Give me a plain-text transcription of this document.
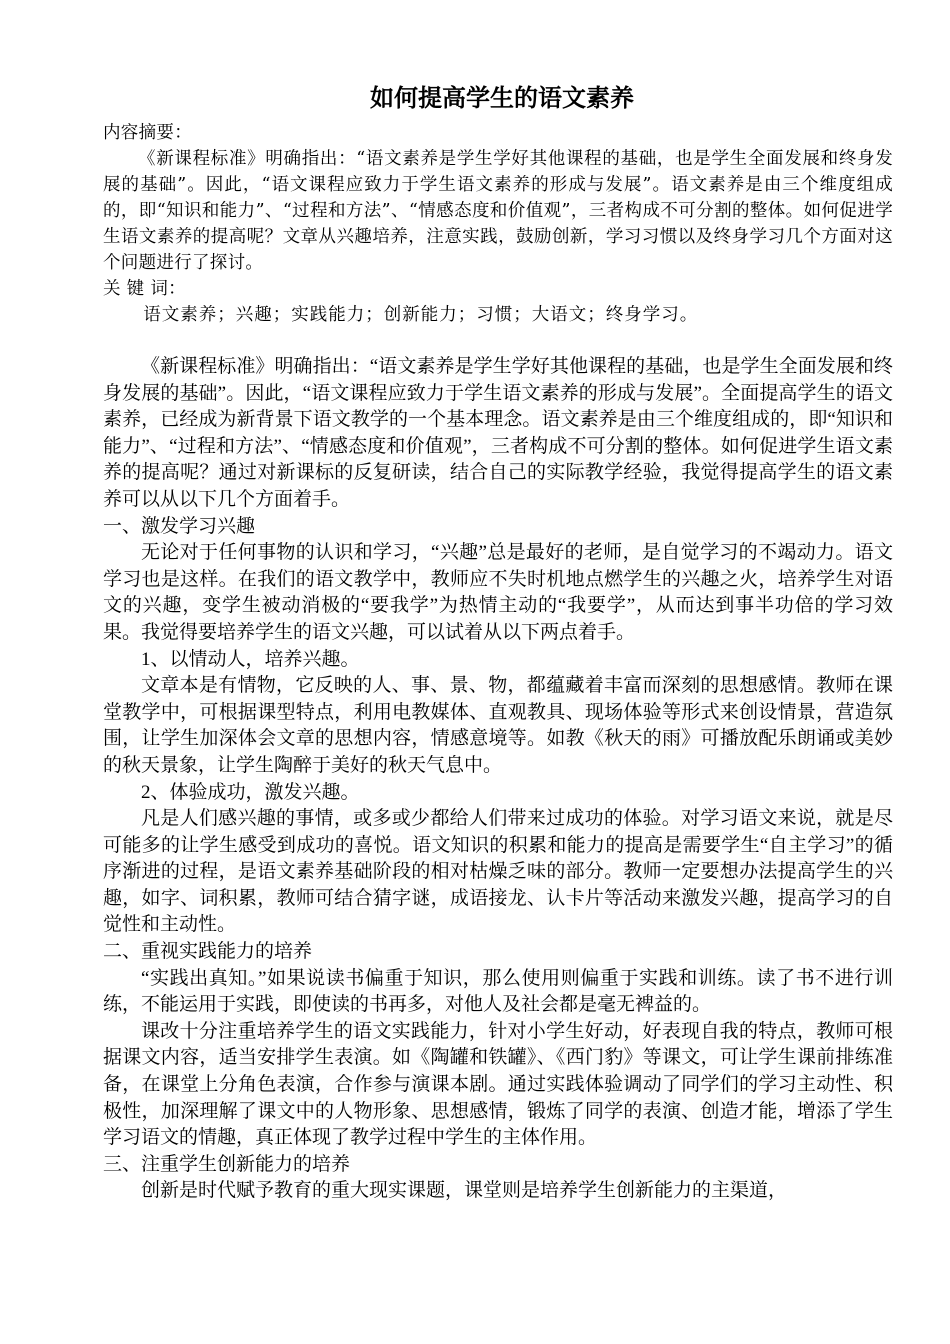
如何提高学生的语文素养
内容摘要：

《新课程标准》明确指出：“语文素养是学生学好其他课程的基础，也是学生全面发展和终身发展的基础”。因此，“语文课程应致力于学生语文素养的形成与发展”。语文素养是由三个维度组成的，即“知识和能力”、“过程和方法”、“情感态度和价值观”，三者构成不可分割的整体。如何促进学生语文素养的提高呢？文章从兴趣培养，注意实践，鼓励创新，学习习惯以及终身学习几个方面对这个问题进行了探讨。

关 键 词：

语文素养；兴趣；实践能力；创新能力；习惯；大语文；终身学习。

《新课程标准》明确指出：“语文素养是学生学好其他课程的基础，也是学生全面发展和终身发展的基础”。因此，“语文课程应致力于学生语文素养的形成与发展”。全面提高学生的语文素养，已经成为新背景下语文教学的一个基本理念。语文素养是由三个维度组成的，即“知识和能力”、“过程和方法”、“情感态度和价值观”，三者构成不可分割的整体。如何促进学生语文素养的提高呢？通过对新课标的反复研读，结合自己的实际教学经验，我觉得提高学生的语文素养可以从以下几个方面着手。

一、激发学习兴趣

无论对于任何事物的认识和学习，“兴趣”总是最好的老师，是自觉学习的不竭动力。语文学习也是这样。在我们的语文教学中，教师应不失时机地点燃学生的兴趣之火，培养学生对语文的兴趣，变学生被动消极的“要我学”为热情主动的“我要学”，从而达到事半功倍的学习效果。我觉得要培养学生的语文兴趣，可以试着从以下两点着手。

1、以情动人，培养兴趣。

文章本是有情物，它反映的人、事、景、物，都蕴藏着丰富而深刻的思想感情。教师在课堂教学中，可根据课型特点，利用电教媒体、直观教具、现场体验等形式来创设情景，营造氛围，让学生加深体会文章的思想内容，情感意境等。如教《秋天的雨》可播放配乐朗诵或美妙的秋天景象，让学生陶醉于美好的秋天气息中。

2、体验成功，激发兴趣。

凡是人们感兴趣的事情，或多或少都给人们带来过成功的体验。对学习语文来说，就是尽可能多的让学生感受到成功的喜悦。语文知识的积累和能力的提高是需要学生“自主学习”的循序渐进的过程，是语文素养基础阶段的相对枯燥乏味的部分。教师一定要想办法提高学生的兴趣，如字、词积累，教师可结合猜字谜，成语接龙、认卡片等活动来激发兴趣，提高学习的自觉性和主动性。

二、重视实践能力的培养

“实践出真知。”如果说读书偏重于知识，那么使用则偏重于实践和训练。读了书不进行训练，不能运用于实践，即使读的书再多，对他人及社会都是毫无裨益的。

课改十分注重培养学生的语文实践能力，针对小学生好动，好表现自我的特点，教师可根据课文内容，适当安排学生表演。如《陶罐和铁罐》、《西门豹》等课文，可让学生课前排练准备，在课堂上分角色表演，合作参与演课本剧。通过实践体验调动了同学们的学习主动性、积极性，加深理解了课文中的人物形象、思想感情，锻炼了同学的表演、创造才能，增添了学生学习语文的情趣，真正体现了教学过程中学生的主体作用。

三、注重学生创新能力的培养

创新是时代赋予教育的重大现实课题，课堂则是培养学生创新能力的主渠道，
